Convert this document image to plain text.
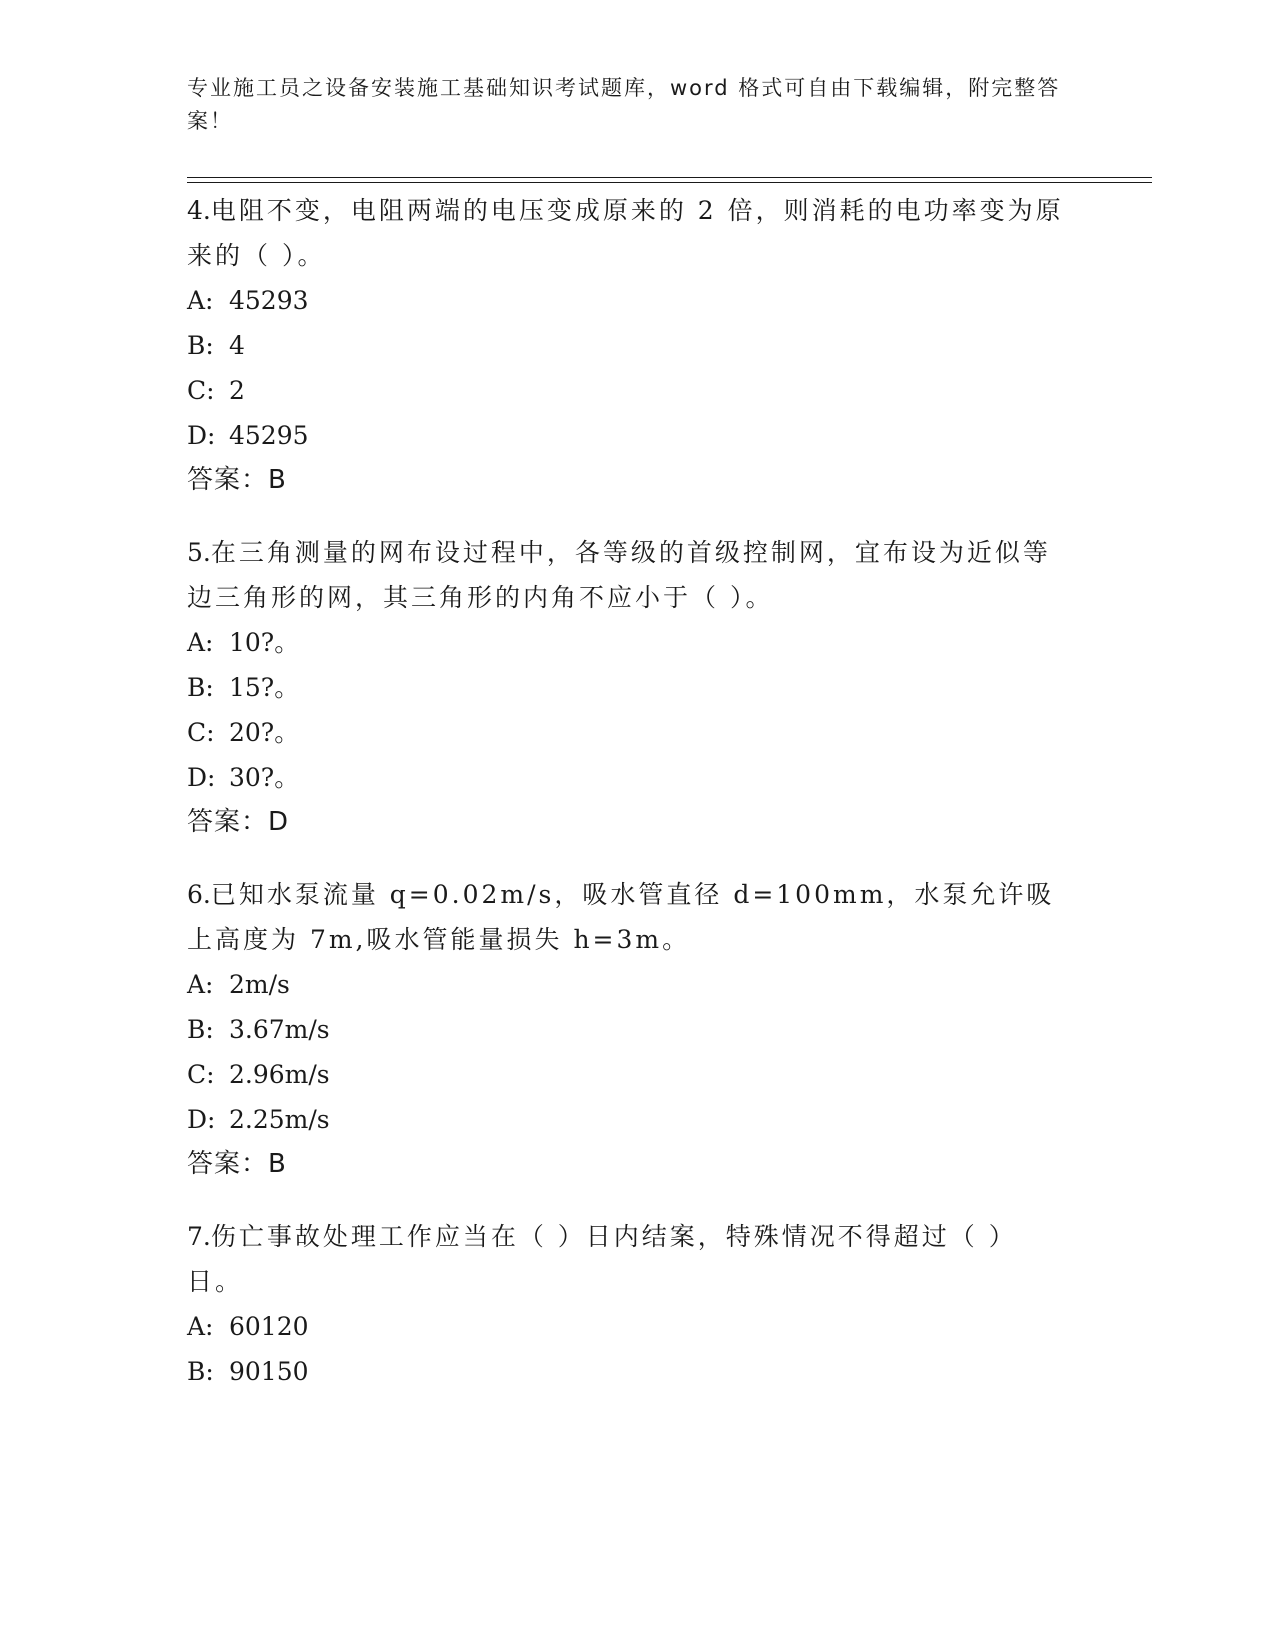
专业施工员之设备安装施工基础知识考试题库，word 格式可自由下载编辑，附完整答案！

4.电阻不变，电阻两端的电压变成原来的 2 倍，则消耗的电功率变为原来的（ ）。

A: 45293

B: 4

C: 2

D: 45295

答案：B

5.在三角测量的网布设过程中，各等级的首级控制网，宜布设为近似等边三角形的网，其三角形的内角不应小于（ ）。

A: 10?。

B: 15?。

C: 20?。

D: 30?。

答案：D

6.已知水泵流量 q=0.02m/s，吸水管直径 d=100mm，水泵允许吸上高度为 7m,吸水管能量损失 h=3m。

A: 2m/s

B: 3.67m/s

C: 2.96m/s

D: 2.25m/s

答案：B

7.伤亡事故处理工作应当在（ ）日内结案，特殊情况不得超过（ ）日。

A: 60120

B: 90150
